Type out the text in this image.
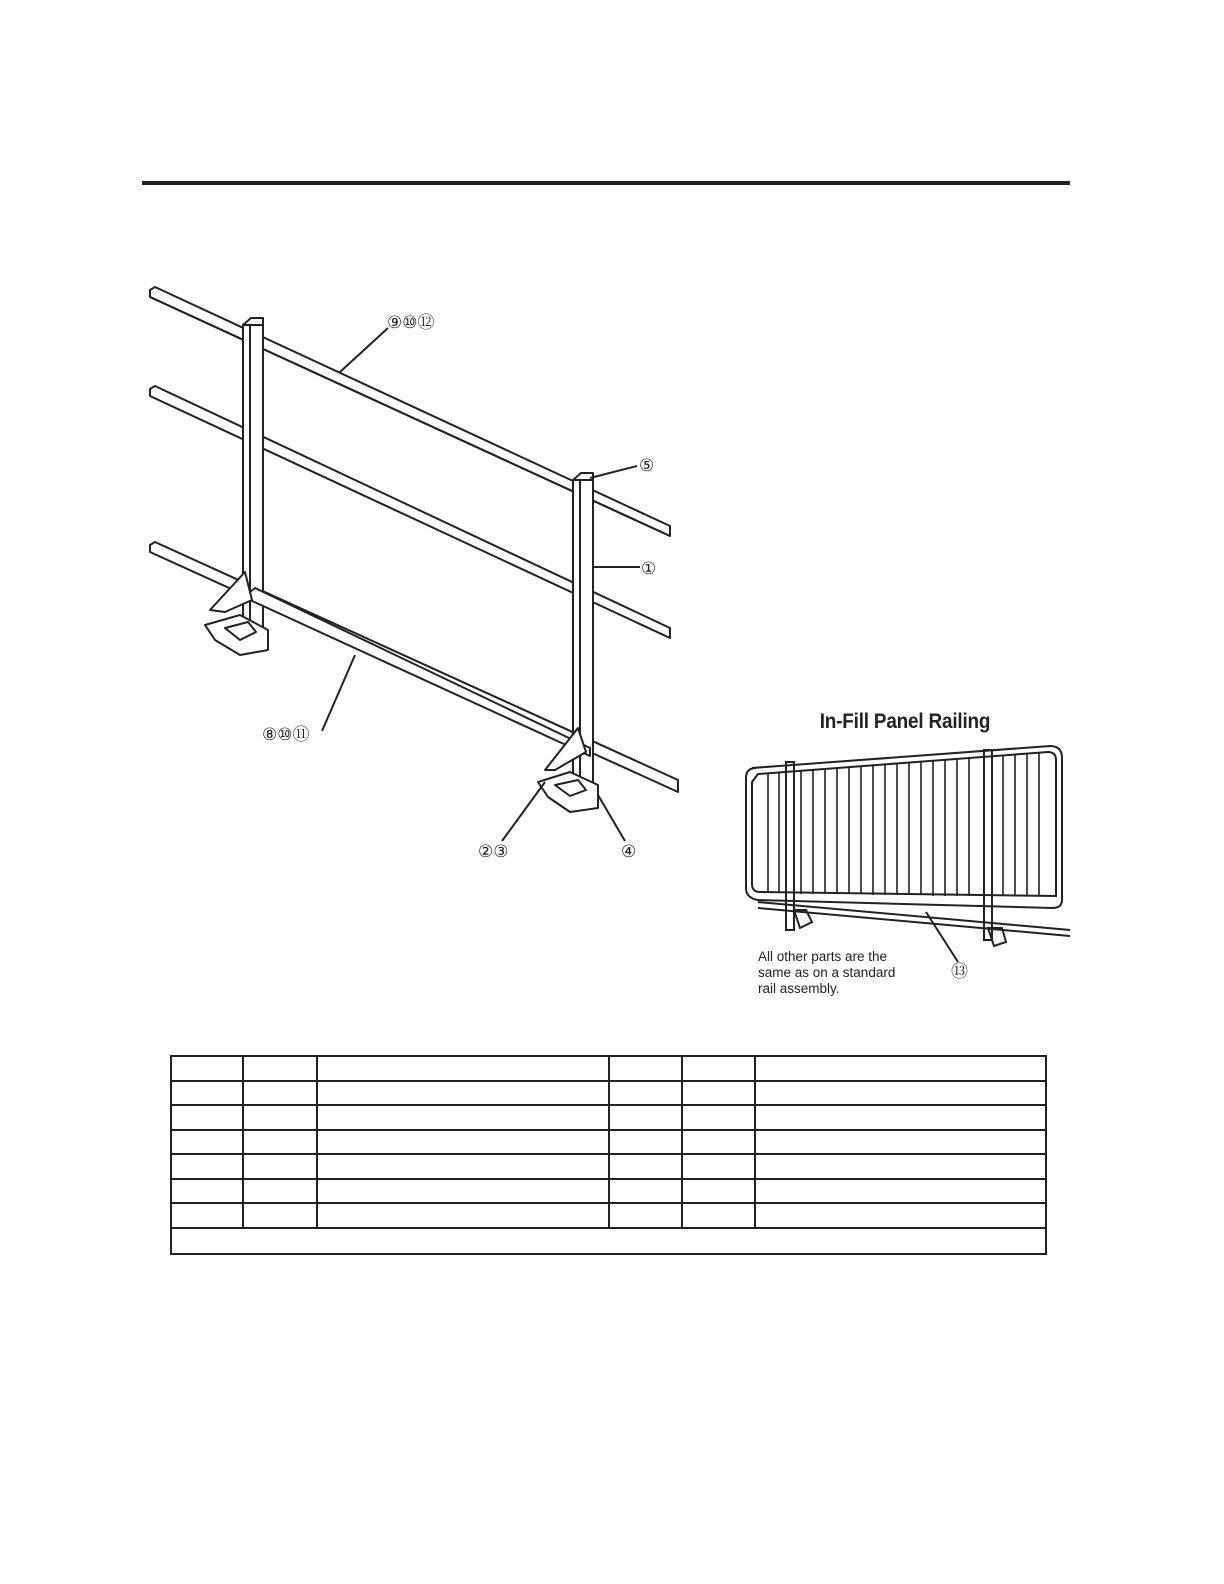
⑨⑩⑫
⑤
①
⑧⑩⑪
②③	④
In-Fill Panel Railing
All other parts are the
same as on a standard
rail assembly.
⑬
